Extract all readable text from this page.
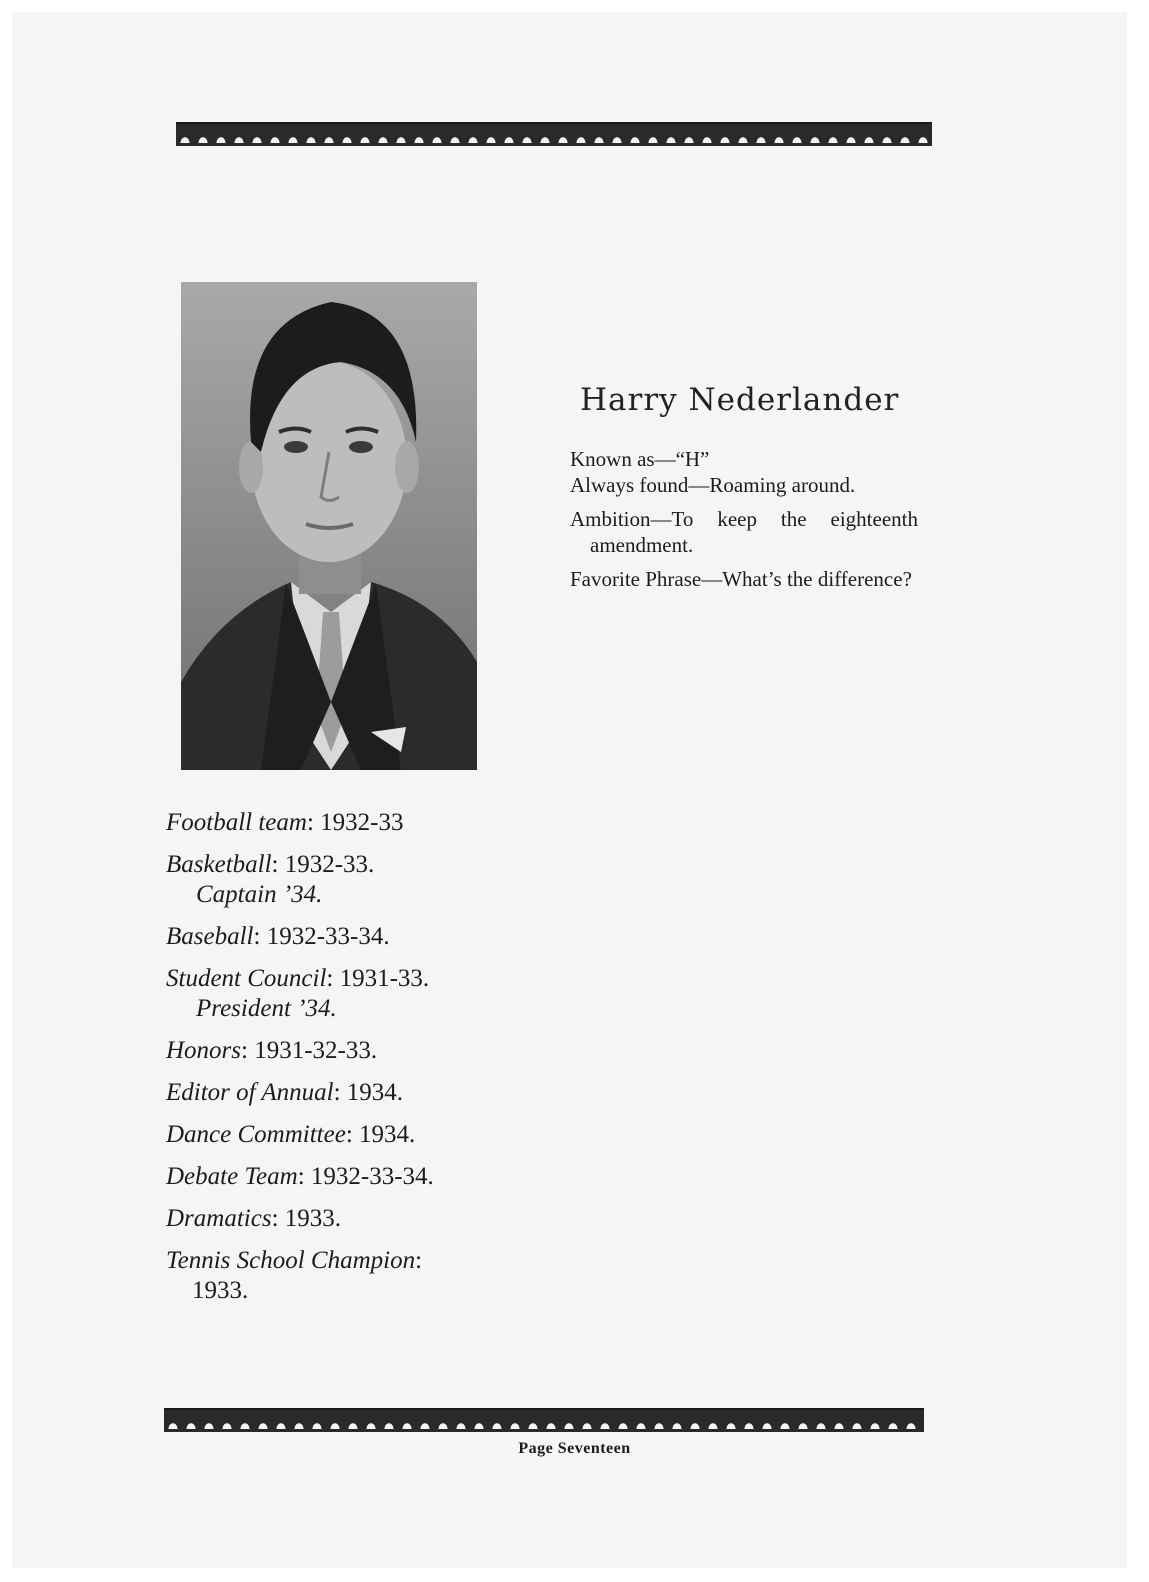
Harry Nederlander

Known as—“H”

Always found—Roaming around.

Ambition—To keep the eighteenth amendment.

Favorite Phrase—What’s the difference?

Football team: 1932-33
Basketball: 1932-33.
Captain ’34.
Baseball: 1932-33-34.
Student Council: 1931-33.
President ’34.
Honors: 1931-32-33.
Editor of Annual: 1934.
Dance Committee: 1934.
Debate Team: 1932-33-34.
Dramatics: 1933.
Tennis School Champion:
1933.
Page Seventeen
